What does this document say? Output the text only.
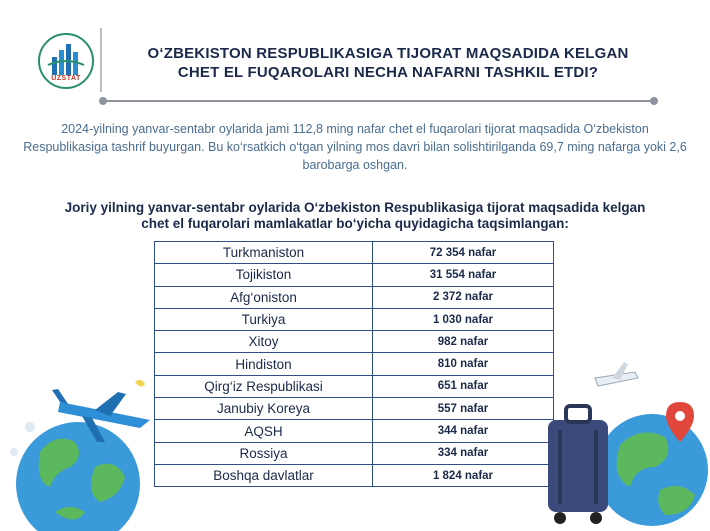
UZSTAT
O‘ZBEKISTON RESPUBLIKASIGA TIJORAT MAQSADIDA KELGAN
CHET EL FUQAROLARI NECHA NAFARNI TASHKIL ETDI?
2024-yilning yanvar-sentabr oylarida jami 112,8 ming nafar chet el fuqarolari tijorat maqsadida O‘zbekiston Respublikasiga tashrif buyurgan. Bu ko‘rsatkich o‘tgan yilning mos davri bilan solishtirilganda 69,7 ming nafarga yoki 2,6 barobarga oshgan.
Joriy yilning yanvar-sentabr oylarida O‘zbekiston Respublikasiga tijorat maqsadida kelgan
chet el fuqarolari mamlakatlar bo‘yicha quyidagicha taqsimlangan:
Turkmaniston	72 354 nafar
Tojikiston	31 554 nafar
Afg‘oniston	2 372 nafar
Turkiya	1 030 nafar
Xitoy	982 nafar
Hindiston	810 nafar
Qirg‘iz Respublikasi	651 nafar
Janubiy Koreya	557 nafar
AQSH	344 nafar
Rossiya	334 nafar
Boshqa davlatlar	1 824 nafar
